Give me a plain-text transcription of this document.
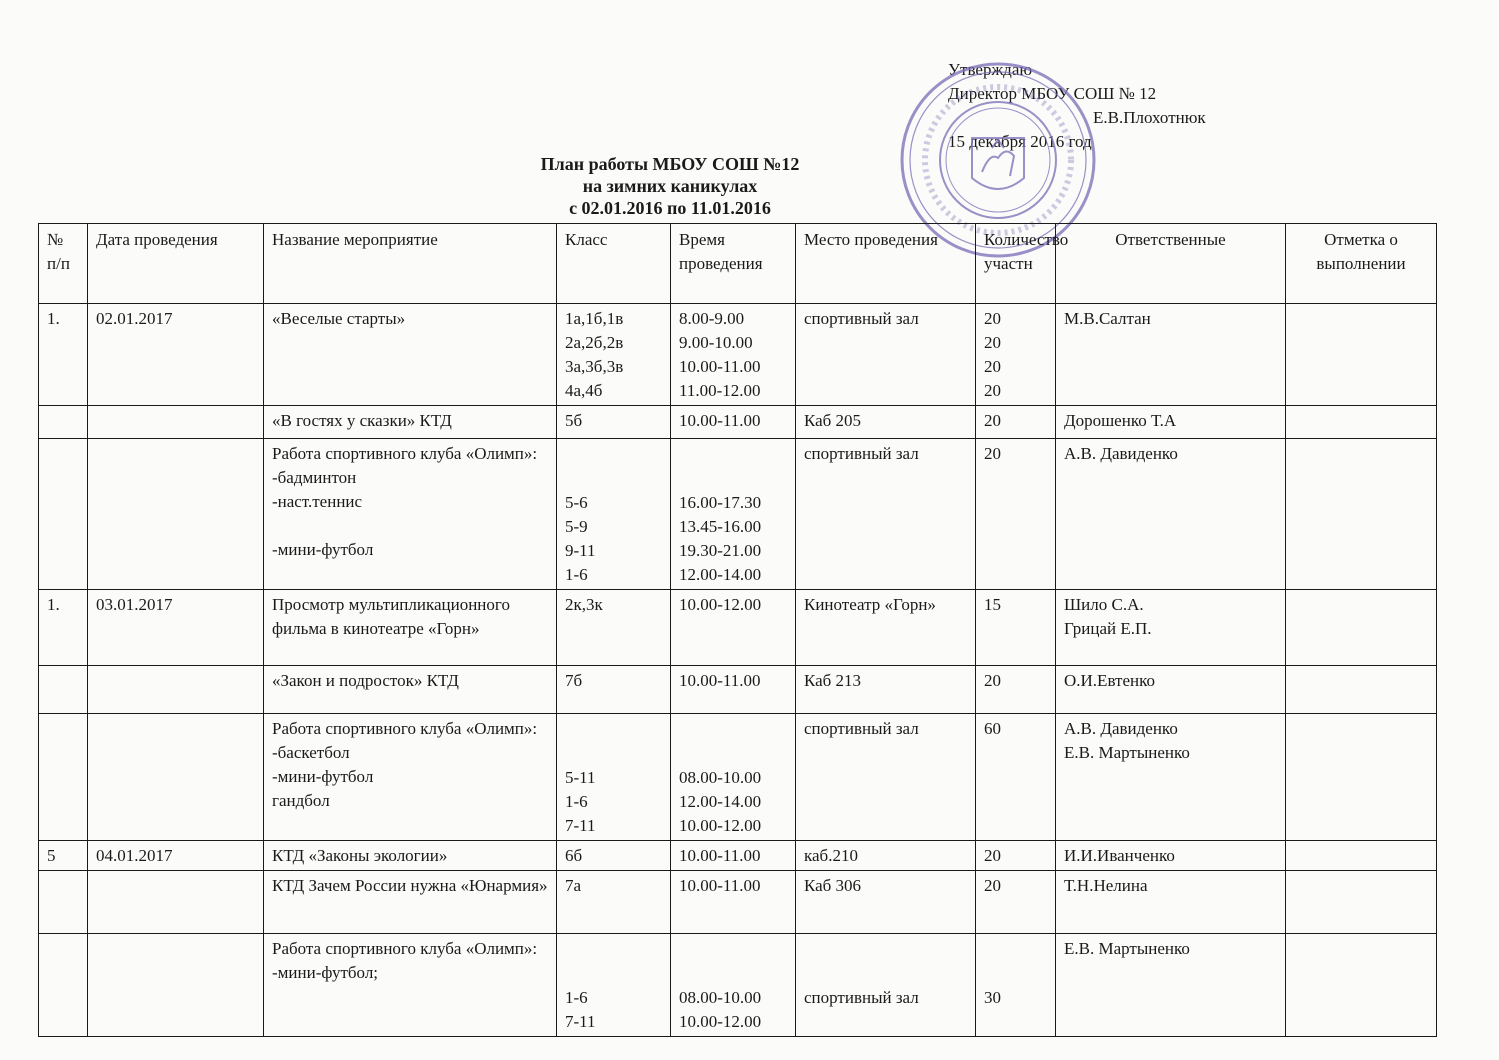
Утверждаю
Директор МБОУ СОШ № 12
Е.В.Плохотнюк
15 декабря 2016 год
План работы МБОУ СОШ №12
на зимних каникулах
с 02.01.2016 по 11.01.2016
№ п/п	Дата проведения	Название мероприятие	Класс	Время проведения	Место проведения	Количество участн	Ответственные	Отметка о выполнении
1.	02.01.2017	«Веселые старты»	1а,1б,1в
2а,2б,2в
3а,3б,3в
4а,4б	8.00-9.00
9.00-10.00
10.00-11.00
11.00-12.00	спортивный зал	20
20
20
20	М.В.Салтан	
		«В гостях у сказки» КТД	5б	10.00-11.00	Каб 205	20	Дорошенко Т.А	
		Работа спортивного клуба «Олимп»:
-бадминтон
-наст.теннис

-мини-футбол	5-6
5-9
9-11
1-6	16.00-17.30
13.45-16.00
19.30-21.00
12.00-14.00	спортивный зал	20	А.В. Давиденко	
1.	03.01.2017	Просмотр мультипликационного фильма в кинотеатре «Горн»	2к,3к	10.00-12.00	Кинотеатр «Горн»	15	Шило С.А.
Грицай Е.П.	
		«Закон и подросток» КТД	7б	10.00-11.00	Каб 213	20	О.И.Евтенко	
		Работа спортивного клуба «Олимп»:
-баскетбол
-мини-футбол
гандбол	5-11
1-6
7-11	08.00-10.00
12.00-14.00
10.00-12.00	спортивный зал	60	А.В. Давиденко
Е.В. Мартыненко	
5	04.01.2017	КТД «Законы экологии»	6б	10.00-11.00	каб.210	20	И.И.Иванченко	
		КТД Зачем России нужна «Юнармия»	7а	10.00-11.00	Каб 306	20	Т.Н.Нелина	
		Работа спортивного клуба «Олимп»:
-мини-футбол;	1-6
7-11	08.00-10.00
10.00-12.00	спортивный зал	30	Е.В. Мартыненко	
